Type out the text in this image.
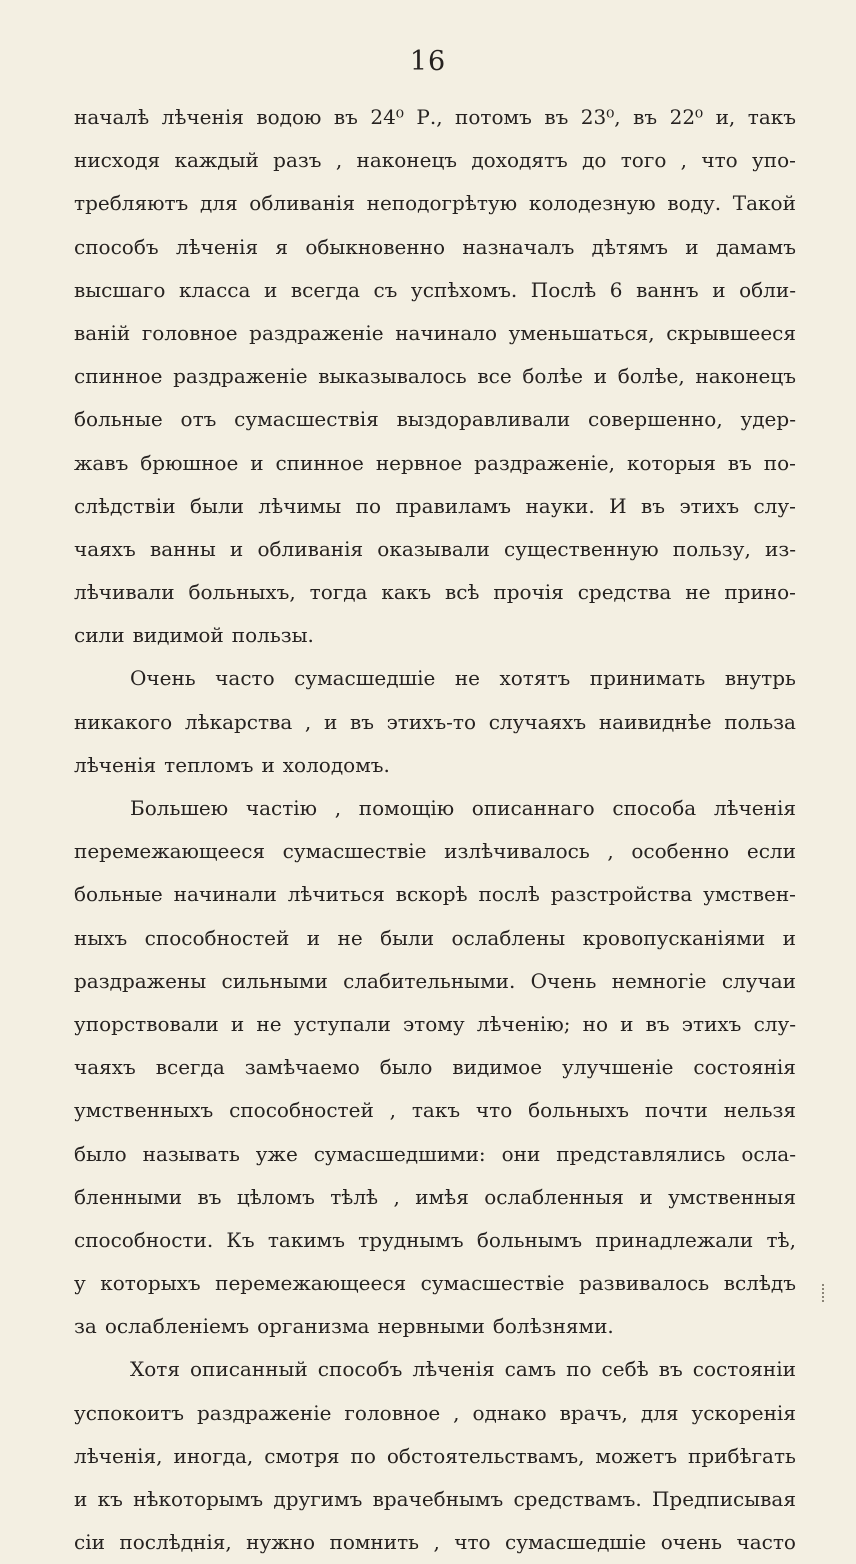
16
началѣ лѣченія водою въ 24⁰ Р., потомъ въ 23⁰, въ 22⁰ и, такъ
нисходя каждый разъ , наконецъ доходятъ до того , что упо-
требляютъ для обливанія неподогрѣтую колодезную воду. Такой
способъ лѣченія я обыкновенно назначалъ дѣтямъ и дамамъ
высшаго класса и всегда съ успѣхомъ. Послѣ 6 ваннъ и обли-
ваній головное раздраженіе начинало уменьшаться, скрывшееся
спинное раздраженіе выказывалось все болѣе и болѣе, наконецъ
больные отъ сумасшествія выздоравливали совершенно, удер-
жавъ брюшное и спинное нервное раздраженіе, которыя въ по-
слѣдствіи были лѣчимы по правиламъ науки. И въ этихъ слу-
чаяхъ ванны и обливанія оказывали существенную пользу, из-
лѣчивали больныхъ, тогда какъ всѣ прочія средства не прино-
сили видимой пользы.
Очень часто сумасшедшіе не хотятъ принимать внутрь
никакого лѣкарства , и въ этихъ-то случаяхъ наивиднѣе польза
лѣченія тепломъ и холодомъ.
Большею частію , помощію описаннаго способа лѣченія
перемежающееся сумасшествіе излѣчивалось , особенно если
больные начинали лѣчиться вскорѣ послѣ разстройства умствен-
ныхъ способностей и не были ослаблены кровопусканіями и
раздражены сильными слабительными. Очень немногіе случаи
упорствовали и не уступали этому лѣченію; но и въ этихъ слу-
чаяхъ всегда замѣчаемо было видимое улучшеніе состоянія
умственныхъ способностей , такъ что больныхъ почти нельзя
было называть уже сумасшедшими: они представлялись осла-
бленными въ цѣломъ тѣлѣ , имѣя ослабленныя и умственныя
способности. Къ такимъ труднымъ больнымъ принадлежали тѣ,
у которыхъ перемежающееся сумасшествіе развивалось вслѣдъ
за ослабленіемъ организма нервными болѣзнями.
Хотя описанный способъ лѣченія самъ по себѣ въ состояніи
успокоитъ раздраженіе головное , однако врачъ, для ускоренія
лѣченія, иногда, смотря по обстоятельствамъ, можетъ прибѣгать
и къ нѣкоторымъ другимъ врачебнымъ средствамъ. Предписывая
сіи послѣднія, нужно помнить , что сумасшедшіе очень часто
